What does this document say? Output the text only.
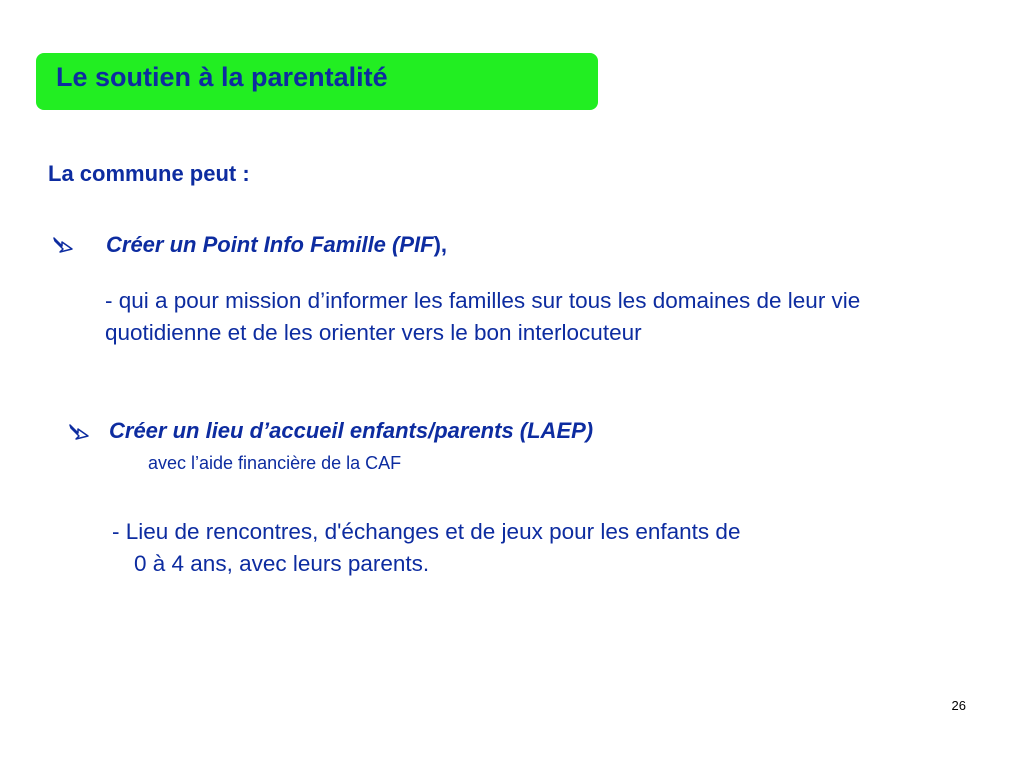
Le soutien à la parentalité
La commune peut :
Créer un Point Info Famille (PIF),
- qui a pour mission d’informer les familles sur tous les domaines de leur vie quotidienne et de les orienter vers le bon interlocuteur
Créer un lieu d’accueil enfants/parents (LAEP)
avec l’aide financière de la CAF
- Lieu de rencontres, d'échanges et de jeux pour les enfants de
0 à 4 ans, avec leurs parents.
26
